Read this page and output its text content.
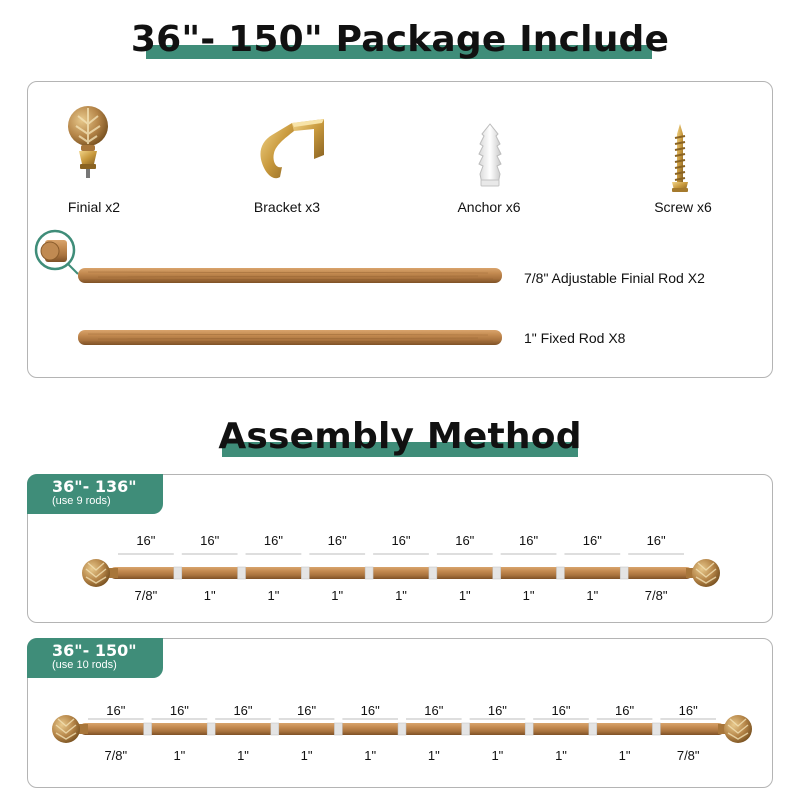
36"- 150" Package Include
Finial x2	Bracket x3	Anchor x6	Screw x6
7/8" Adjustable Finial Rod X2
1" Fixed Rod X8
Assembly Method
36"- 136"
(use 9 rods)
16"
7/8"
16"
1"
16"
1"
16"
1"
16"
1"
16"
1"
16"
1"
16"
1"
16"
7/8"
36"- 150"
(use 10 rods)
16"
7/8"
16"
1"
16"
1"
16"
1"
16"
1"
16"
1"
16"
1"
16"
1"
16"
1"
16"
7/8"
